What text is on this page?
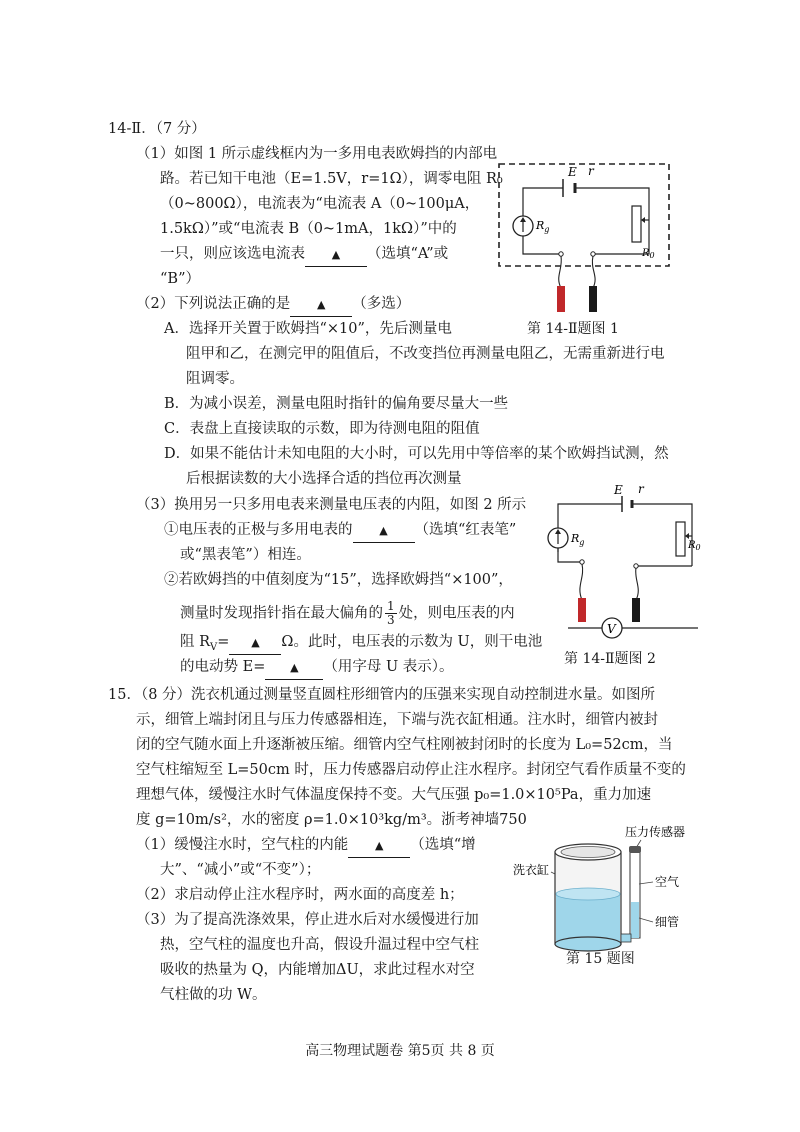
14-Ⅱ．（7 分）
（1）如图 1 所示虚线框内为一多用电表欧姆挡的内部电
路。若已知干电池（E=1.5V，r=1Ω），调零电阻 R₀
（0~800Ω），电流表为“电流表 A（0~100μA，
1.5kΩ）”或“电流表 B（0~1mA，1kΩ）”中的
一只，则应该选电流表 ▲ （选填“A”或
“B”）
（2）下列说法正确的是 ▲ （多选）
A．选择开关置于欧姆挡“×10”，先后测量电
阻甲和乙，在测完甲的阻值后，不改变挡位再测量电阻乙，无需重新进行电
阻调零。
B．为减小误差，测量电阻时指针的偏角要尽量大一些
C．表盘上直接读取的示数，即为待测电阻的阻值
D．如果不能估计未知电阻的大小时，可以先用中等倍率的某个欧姆挡试测，然
后根据读数的大小选择合适的挡位再次测量
（3）换用另一只多用电表来测量电压表的内阻，如图 2 所示
①电压表的正极与多用电表的 ▲ （选填“红表笔”
或“黑表笔”）相连。
②若欧姆挡的中值刻度为“15”，选择欧姆挡“×100”，
测量时发现指针指在最大偏角的 $\frac{1}{3}$ 处，则电压表的内
阻 $R_V=$ ▲ Ω。此时，电压表的示数为 U，则干电池
的电动势 E= ▲ （用字母 U 表示）。
E r
$R_g$
$R_0$
第 14-Ⅱ题图 1
E r
$R_g$	$R_0$
V
第 14-Ⅱ题图 2
15．（8 分）洗衣机通过测量竖直圆柱形细管内的压强来实现自动控制进水量。如图所
示，细管上端封闭且与压力传感器相连，下端与洗衣缸相通。注水时，细管内被封
闭的空气随水面上升逐渐被压缩。细管内空气柱刚被封闭时的长度为 L₀=52cm，当
空气柱缩短至 L=50cm 时，压力传感器启动停止注水程序。封闭空气看作质量不变的
理想气体，缓慢注水时气体温度保持不变。大气压强 p₀=1.0×10⁵Pa，重力加速
度 g=10m/s²，水的密度 ρ=1.0×10³kg/m³。浙考神墙750
（1）缓慢注水时，空气柱的内能 ▲ （选填“增
大”、“减小”或“不变”）；
（2）求启动停止注水程序时，两水面的高度差 h；
（3）为了提高洗涤效果，停止进水后对水缓慢进行加
热，空气柱的温度也升高，假设升温过程中空气柱
吸收的热量为 Q，内能增加ΔU，求此过程水对空
气柱做的功 W。
压力传感器
洗衣缸
空气
细管
第 15 题图
高三物理试题卷 第5页 共 8 页
